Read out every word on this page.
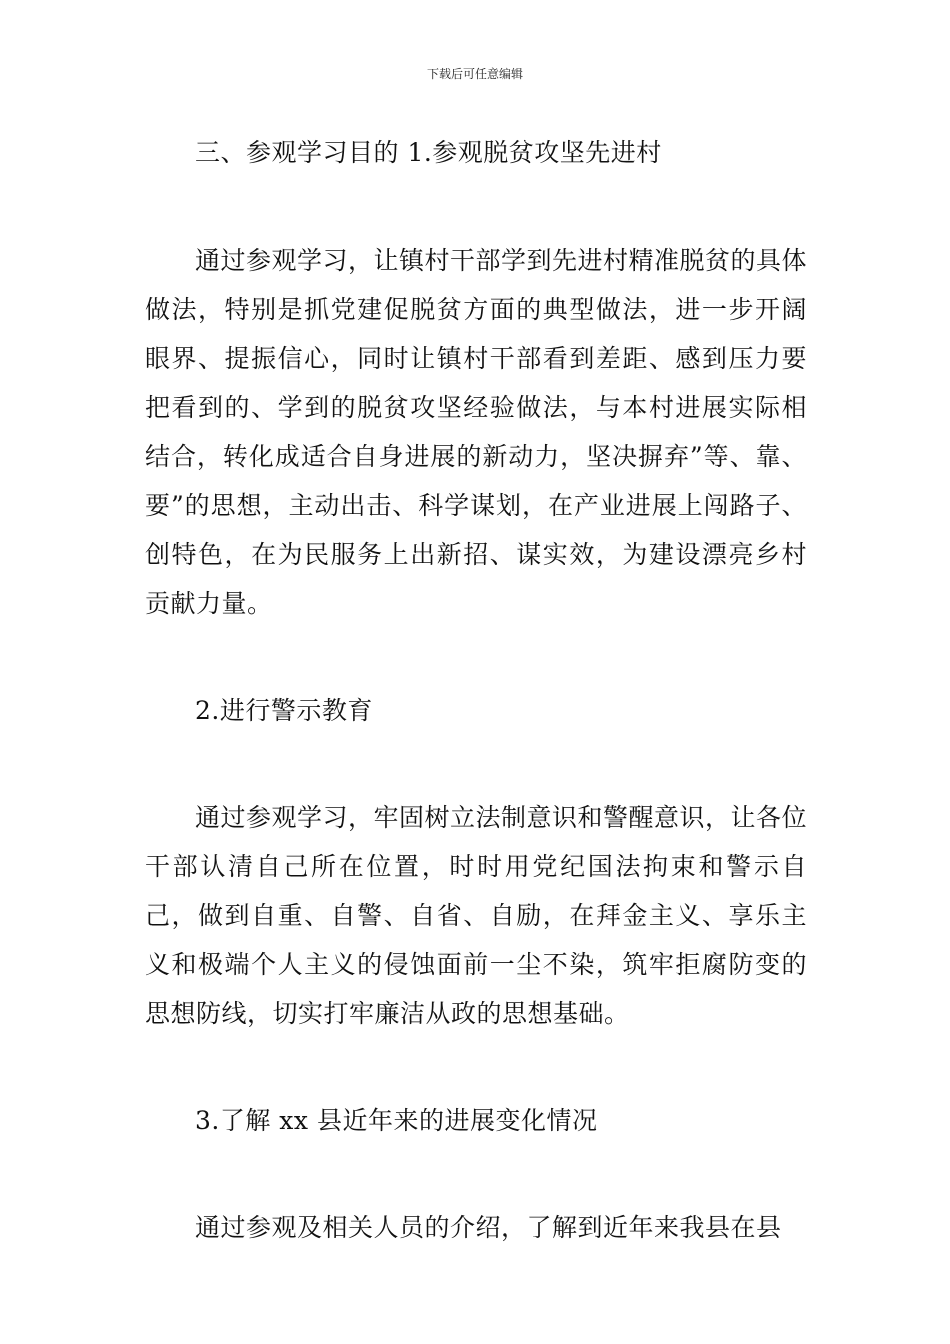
下载后可任意编辑

三、参观学习目的 1.参观脱贫攻坚先进村

通过参观学习，让镇村干部学到先进村精准脱贫的具体做法，特别是抓党建促脱贫方面的典型做法，进一步开阔眼界、提振信心，同时让镇村干部看到差距、感到压力要把看到的、学到的脱贫攻坚经验做法，与本村进展实际相结合，转化成适合自身进展的新动力，坚决摒弃”等、靠、要”的思想，主动出击、科学谋划，在产业进展上闯路子、创特色，在为民服务上出新招、谋实效，为建设漂亮乡村贡献力量。

2.进行警示教育

通过参观学习，牢固树立法制意识和警醒意识，让各位干部认清自己所在位置，时时用党纪国法拘束和警示自己，做到自重、自警、自省、自励，在拜金主义、享乐主义和极端个人主义的侵蚀面前一尘不染，筑牢拒腐防变的思想防线，切实打牢廉洁从政的思想基础。

3.了解 xx 县近年来的进展变化情况

通过参观及相关人员的介绍，了解到近年来我县在县
